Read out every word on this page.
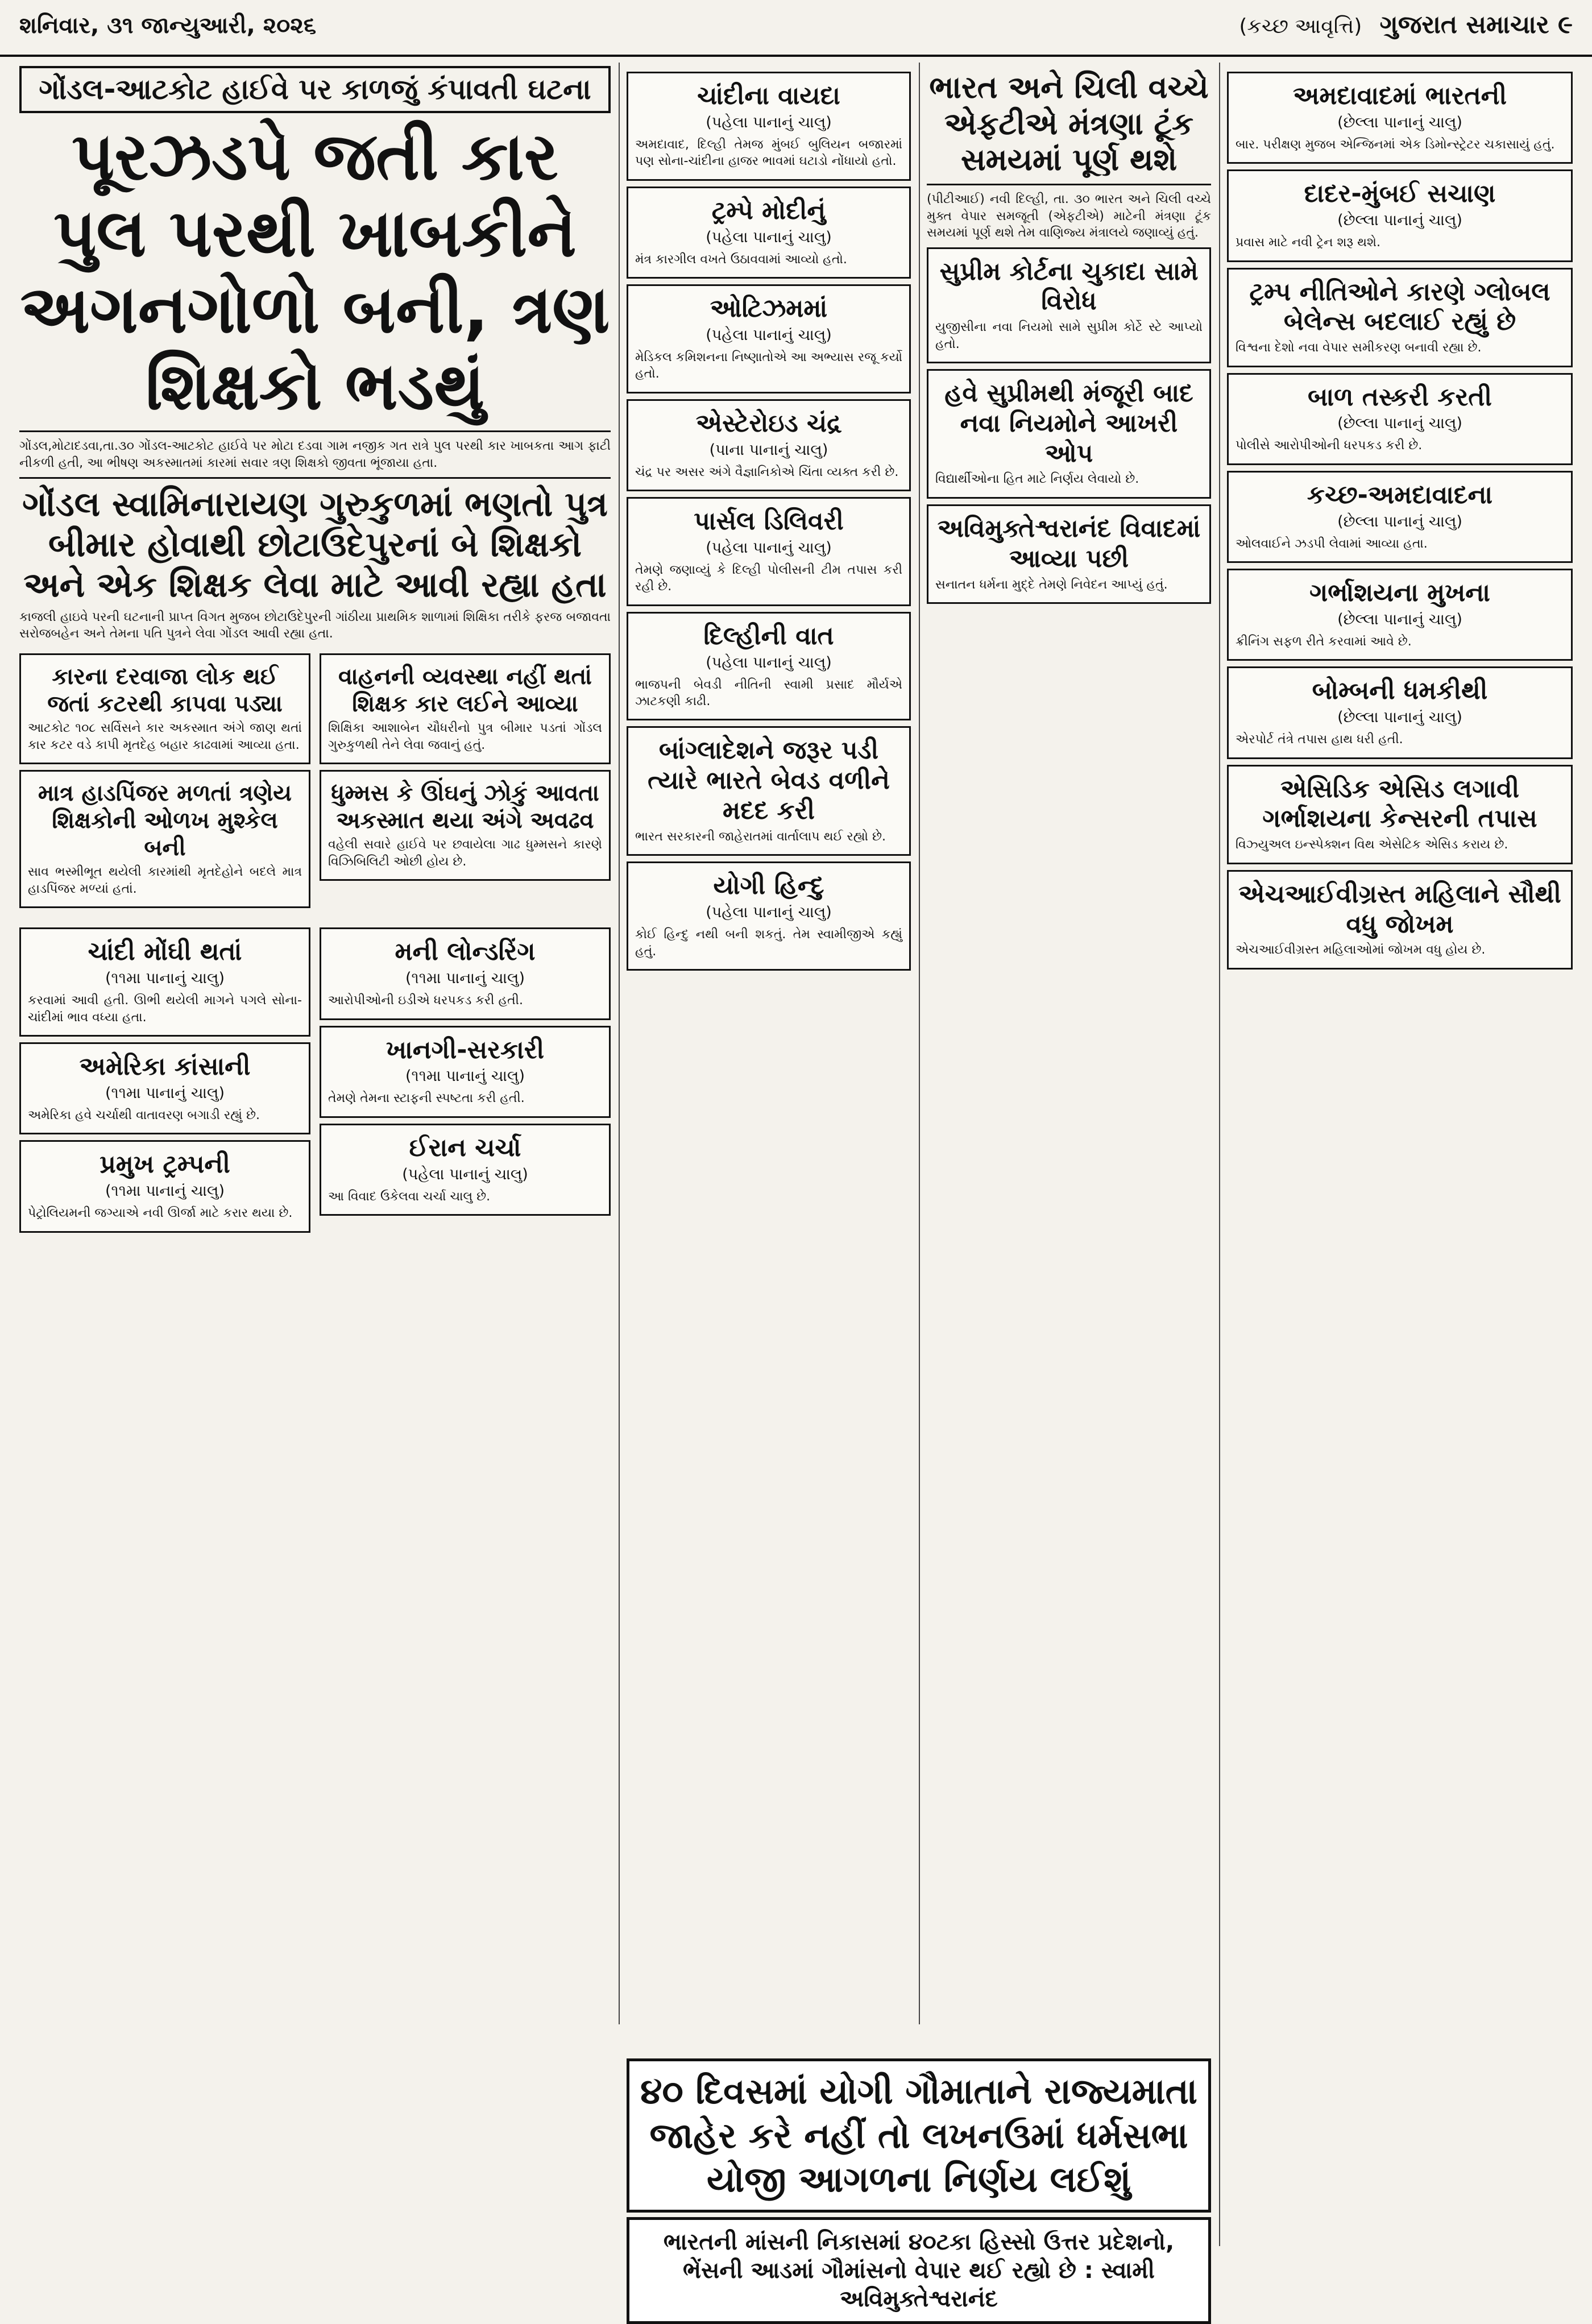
શનિવાર, ૩૧ જાન્યુઆરી, ૨૦૨૬	(કચ્છ આવૃત્તિ) ગુજરાત સમાચાર ૯
ગોંડલ-આટકોટ હાઈવે પર કાળજું કંપાવતી ઘટના
પૂરઝડપે જતી કાર પુલ પરથી ખાબકીને
અગનગોળો બની, ત્રણ શિક્ષકો ભડથું

ગોંડલ,મોટાદડવા,તા.૩૦ ગોંડલ-આટકોટ હાઈવે પર મોટા દડવા ગામ નજીક ગત રાત્રે પુલ પરથી કાર ખાબકતા આગ ફાટી નીકળી હતી, આ ભીષણ અકસ્માતમાં કારમાં સવાર ત્રણ શિક્ષકો જીવતા ભૂંજાયા હતા.

ગોંડલ સ્વામિનારાયણ ગુરુકુળમાં ભણતો પુત્ર બીમાર હોવાથી છોટાઉદેપુરનાં બે શિક્ષકો અને એક શિક્ષક લેવા માટે આવી રહ્યા હતા

કાજલી હાઇવે પરની ઘટનાની પ્રાપ્ત વિગત મુજબ છોટાઉદેપુરની ગાંઠીયા પ્રાથમિક શાળામાં શિક્ષિકા તરીકે ફરજ બજાવતા સરોજબહેન અને તેમના પતિ પુત્રને લેવા ગોંડલ આવી રહ્યા હતા.

કારના દરવાજા લોક થઈ જતાં કટરથી કાપવા પડ્યા

આટકોટ ૧૦૮ સર્વિસને કાર અકસ્માત અંગે જાણ થતાં કાર કટર વડે કાપી મૃતદેહ બહાર કાઢવામાં આવ્યા હતા.

માત્ર હાડપિંજર મળતાં ત્રણેય શિક્ષકોની ઓળખ મુશ્કેલ બની

સાવ ભસ્મીભૂત થયેલી કારમાંથી મૃતદેહોને બદલે માત્ર હાડપિંજર મળ્યાં હતાં.

વાહનની વ્યવસ્થા નહીં થતાં શિક્ષક કાર લઈને આવ્યા

શિક્ષિકા આશાબેન ચૌધરીનો પુત્ર બીમાર પડતાં ગોંડલ ગુરુકુળથી તેને લેવા જવાનું હતું.

ધુમ્મસ કે ઊંઘનું ઝોકું આવતા અકસ્માત થયા અંગે અવઢવ

વહેલી સવારે હાઈવે પર છવાયેલા ગાઢ ધુમ્મસને કારણે વિઝિબિલિટી ઓછી હોય છે.

ચાંદી મોંઘી થતાં
(૧૧મા પાનાનું ચાલુ)

કરવામાં આવી હતી. ઊભી થયેલી માગને પગલે સોના-ચાંદીમાં ભાવ વધ્યા હતા.

અમેરિકા કાંસાની
(૧૧મા પાનાનું ચાલુ)

અમેરિકા હવે ચર્ચાથી વાતાવરણ બગાડી રહ્યું છે.

પ્રમુખ ટ્રમ્પની
(૧૧મા પાનાનું ચાલુ)

પેટ્રોલિયમની જગ્યાએ નવી ઊર્જા માટે કરાર થયા છે.

મની લોન્ડરિંગ
(૧૧મા પાનાનું ચાલુ)

આરોપીઓની ઇડીએ ધરપકડ કરી હતી.

ખાનગી-સરકારી
(૧૧મા પાનાનું ચાલુ)

તેમણે તેમના સ્ટાફની સ્પષ્ટતા કરી હતી.

ઈરાન ચર્ચા
(પહેલા પાનાનું ચાલુ)

આ વિવાદ ઉકેલવા ચર્ચા ચાલુ છે.

ચાંદીના વાયદા
(પહેલા પાનાનું ચાલુ)

અમદાવાદ, દિલ્હી તેમજ મુંબઈ બુલિયન બજારમાં પણ સોના-ચાંદીના હાજર ભાવમાં ઘટાડો નોંધાયો હતો.

ટ્રમ્પે મોદીનું
(પહેલા પાનાનું ચાલુ)

મંત્ર કારગીલ વખતે ઉઠાવવામાં આવ્યો હતો.

ઓટિઝમમાં
(પહેલા પાનાનું ચાલુ)

મેડિકલ કમિશનના નિષ્ણાતોએ આ અભ્યાસ રજૂ કર્યો હતો.

એસ્ટેરોઇડ ચંદ્ર
(પાના પાનાનું ચાલુ)

ચંદ્ર પર અસર અંગે વૈજ્ઞાનિકોએ ચિંતા વ્યક્ત કરી છે.

પાર્સલ ડિલિવરી
(પહેલા પાનાનું ચાલુ)

તેમણે જણાવ્યું કે દિલ્હી પોલીસની ટીમ તપાસ કરી રહી છે.

દિલ્હીની વાત
(પહેલા પાનાનું ચાલુ)

ભાજપની બેવડી નીતિની સ્વામી પ્રસાદ મૌર્યએ ઝાટકણી કાઢી.

બાંગ્લાદેશને જરૂર પડી ત્યારે ભારતે બેવડ વળીને મદદ કરી

ભારત સરકારની જાહેરાતમાં વાર્તાલાપ થઈ રહ્યો છે.

યોગી હિન્દુ
(પહેલા પાનાનું ચાલુ)

કોઈ હિન્દુ નથી બની શકતું. તેમ સ્વામીજીએ કહ્યું હતું.

ભારત અને ચિલી વચ્ચે એફટીએ મંત્રણા ટૂંક સમયમાં પૂર્ણ થશે

(પીટીઆઈ) નવી દિલ્હી, તા. ૩૦ ભારત અને ચિલી વચ્ચે મુક્ત વેપાર સમજૂતી (એફટીએ) માટેની મંત્રણા ટૂંક સમયમાં પૂર્ણ થશે તેમ વાણિજ્ય મંત્રાલયે જણાવ્યું હતું.

સુપ્રીમ કોર્ટના ચુકાદા સામે વિરોધ

યુજીસીના નવા નિયમો સામે સુપ્રીમ કોર્ટે સ્ટે આપ્યો હતો.

હવે સુપ્રીમથી મંજૂરી બાદ નવા નિયમોને આખરી ઓપ

વિદ્યાર્થીઓના હિત માટે નિર્ણય લેવાયો છે.

અવિમુક્તેશ્વરાનંદ વિવાદમાં આવ્યા પછી

સનાતન ધર્મના મુદ્દે તેમણે નિવેદન આપ્યું હતું.

અમદાવાદમાં ભારતની
(છેલ્લા પાનાનું ચાલુ)

બાર. પરીક્ષણ મુજબ એન્જિનમાં એક ડિમોન્સ્ટ્રેટર ચકાસાયું હતું.

દાદર-મુંબઈ સચાણ
(છેલ્લા પાનાનું ચાલુ)

પ્રવાસ માટે નવી ટ્રેન શરૂ થશે.

ટ્રમ્પ નીતિઓને કારણે ગ્લોબલ બેલેન્સ બદલાઈ રહ્યું છે

વિશ્વના દેશો નવા વેપાર સમીકરણ બનાવી રહ્યા છે.

બાળ તસ્કરી કરતી
(છેલ્લા પાનાનું ચાલુ)

પોલીસે આરોપીઓની ધરપકડ કરી છે.

કચ્છ-અમદાવાદના
(છેલ્લા પાનાનું ચાલુ)

ઓલવાઈને ઝડપી લેવામાં આવ્યા હતા.

ગર્ભાશયના મુખના
(છેલ્લા પાનાનું ચાલુ)

ક્રીનિંગ સફળ રીતે કરવામાં આવે છે.

બોમ્બની ધમકીથી
(છેલ્લા પાનાનું ચાલુ)

એરપોર્ટ તંત્રે તપાસ હાથ ધરી હતી.

એસિડિક એસિડ લગાવી ગર્ભાશયના કેન્સરની તપાસ

વિઝ્યુઅલ ઇન્સ્પેક્શન વિથ એસેટિક એસિડ કરાય છે.

એચઆઈવીગ્રસ્ત મહિલાને સૌથી વધુ જોખમ

એચઆઈવીગ્રસ્ત મહિલાઓમાં જોખમ વધુ હોય છે.

૪૦ દિવસમાં યોગી ગૌમાતાને રાજ્યમાતા જાહેર કરે નહીં તો લખનઉમાં ધર્મસભા યોજી આગળના નિર્ણય લઈશું

ભારતની માંસની નિકાસમાં ૪૦ટકા હિસ્સો ઉત્તર પ્રદેશનો, ભેંસની આડમાં ગૌમાંસનો વેપાર થઈ રહ્યો છે : સ્વામી અવિમુક્તેશ્વરાનંદ
